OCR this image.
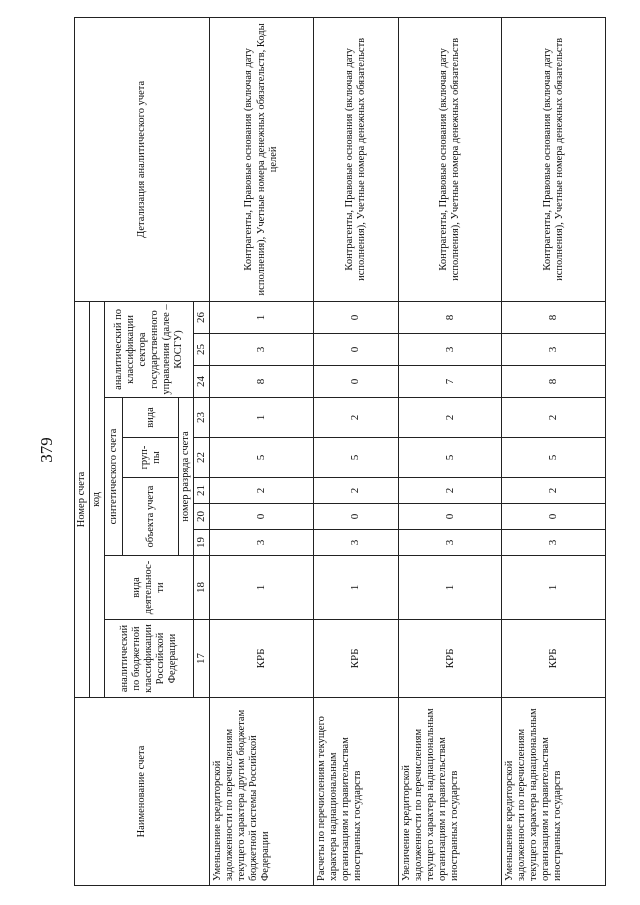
379
Наименование счета	Номер счета										Детализация аналитического учета
	код										
	аналитический по бюджетной классификации Российской Федерации	вида деятельнос-ти	синтетического счета					аналитический по классификации сектора государственного управления (далее – КОСГУ)			
			объекта учета			груп-пы	вида				
			номер разряда счета								
	17	18	19	20	21	22	23	24	25	26	
Уменьшение кредиторской задолженности по перечислениям текущего характера другим бюджетам бюджетной системы Российской Федерации	КРБ	1	3	0	2	5	1	8	3	1	Контрагенты, Правовые основания (включая дату исполнения), Учетные номера денежных обязательств, Коды целей
Расчеты по перечислениям текущего характера наднациональным организациям и правительствам иностранных государств	КРБ	1	3	0	2	5	2	0	0	0	Контрагенты, Правовые основания (включая дату исполнения), Учетные номера денежных обязательств
Увеличение кредиторской задолженности по перечислениям текущего характера наднациональным организациям и правительствам иностранных государств	КРБ	1	3	0	2	5	2	7	3	8	Контрагенты, Правовые основания (включая дату исполнения), Учетные номера денежных обязательств
Уменьшение кредиторской задолженности по перечислениям текущего характера наднациональным организациям и правительствам иностранных государств	КРБ	1	3	0	2	5	2	8	3	8	Контрагенты, Правовые основания (включая дату исполнения), Учетные номера денежных обязательств
